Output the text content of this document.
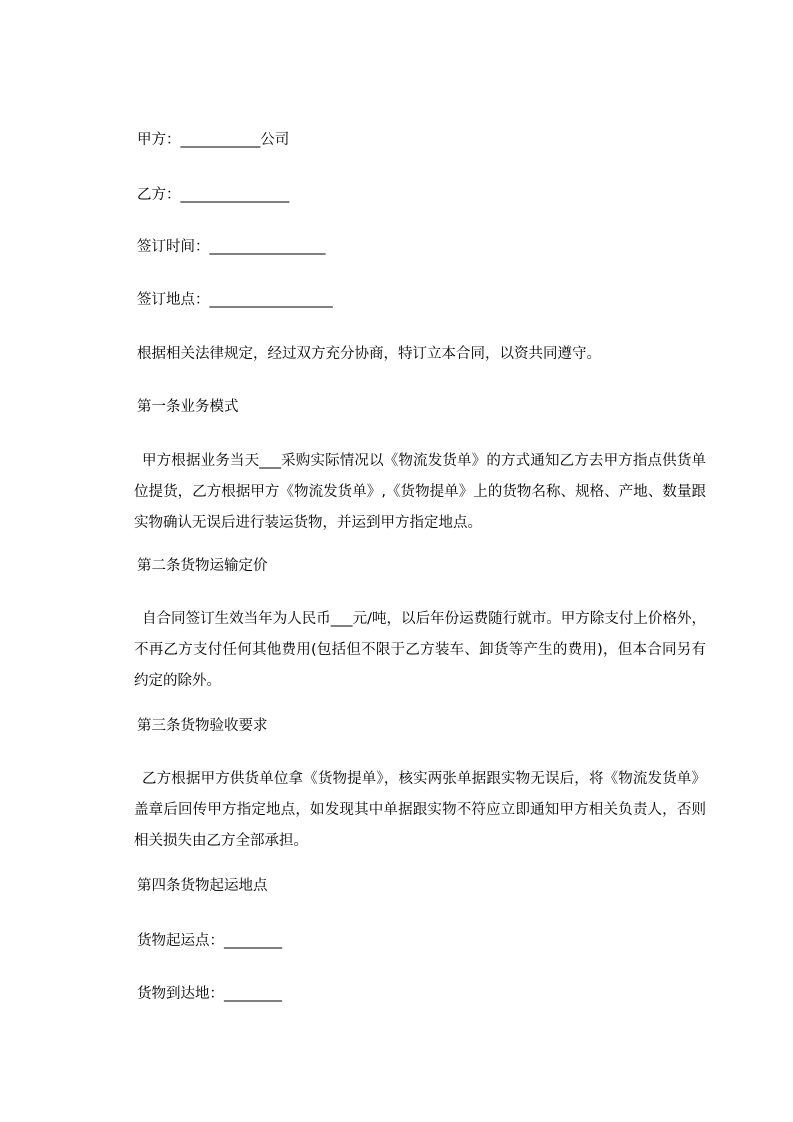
甲方：___________公司
乙方：_______________
签订时间：________________
签订地点：_________________
根据相关法律规定，经过双方充分协商，特订立本合同，以资共同遵守。
第一条业务模式
甲方根据业务当天___采购实际情况以《物流发货单》的方式通知乙方去甲方指点供货单位提货，乙方根据甲方《物流发货单》,《货物提单》上的货物名称、规格、产地、数量跟实物确认无误后进行装运货物，并运到甲方指定地点。
第二条货物运输定价
自合同签订生效当年为人民币___元/吨，以后年份运费随行就市。甲方除支付上价格外，不再乙方支付任何其他费用(包括但不限于乙方装车、卸货等产生的费用)，但本合同另有约定的除外。
第三条货物验收要求
乙方根据甲方供货单位拿《货物提单》，核实两张单据跟实物无误后，将《物流发货单》盖章后回传甲方指定地点，如发现其中单据跟实物不符应立即通知甲方相关负责人，否则相关损失由乙方全部承担。
第四条货物起运地点
货物起运点：________
货物到达地：________
